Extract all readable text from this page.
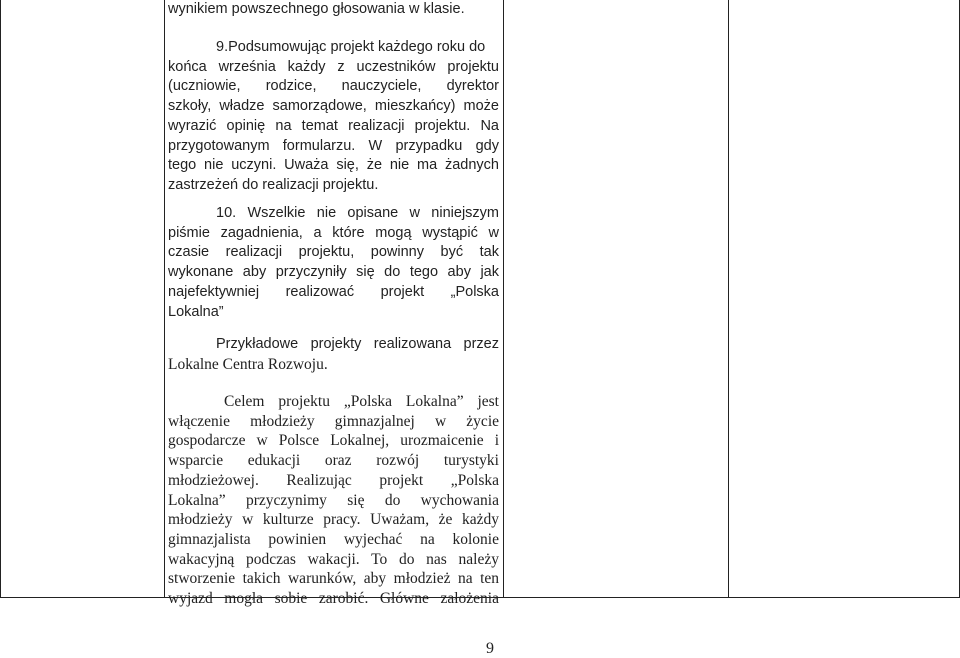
wynikiem powszechnego głosowania w klasie.
9.Podsumowując projekt każdego roku do
końca września każdy z uczestników projektu
(uczniowie, rodzice, nauczyciele, dyrektor
szkoły, władze samorządowe, mieszkańcy) może
wyrazić opinię na temat realizacji projektu. Na
przygotowanym formularzu. W przypadku gdy
tego nie uczyni. Uważa się, że nie ma żadnych
zastrzeżeń do realizacji projektu.
10. Wszelkie nie opisane w niniejszym
piśmie zagadnienia, a które mogą wystąpić w
czasie realizacji projektu, powinny być tak
wykonane aby przyczyniły się do tego aby jak
najefektywniej realizować projekt „Polska
Lokalna”
Przykładowe projekty realizowana przez
Lokalne Centra Rozwoju.
Celem projektu „Polska Lokalna” jest
włączenie młodzieży gimnazjalnej w życie
gospodarcze w Polsce Lokalnej, urozmaicenie i
wsparcie edukacji oraz rozwój turystyki
młodzieżowej. Realizując projekt „Polska
Lokalna” przyczynimy się do wychowania
młodzieży w kulturze pracy. Uważam, że każdy
gimnazjalista powinien wyjechać na kolonie
wakacyjną podczas wakacji. To do nas należy
stworzenie takich warunków, aby młodzież na ten
wyjazd mogła sobie zarobić. Główne założenia
9
